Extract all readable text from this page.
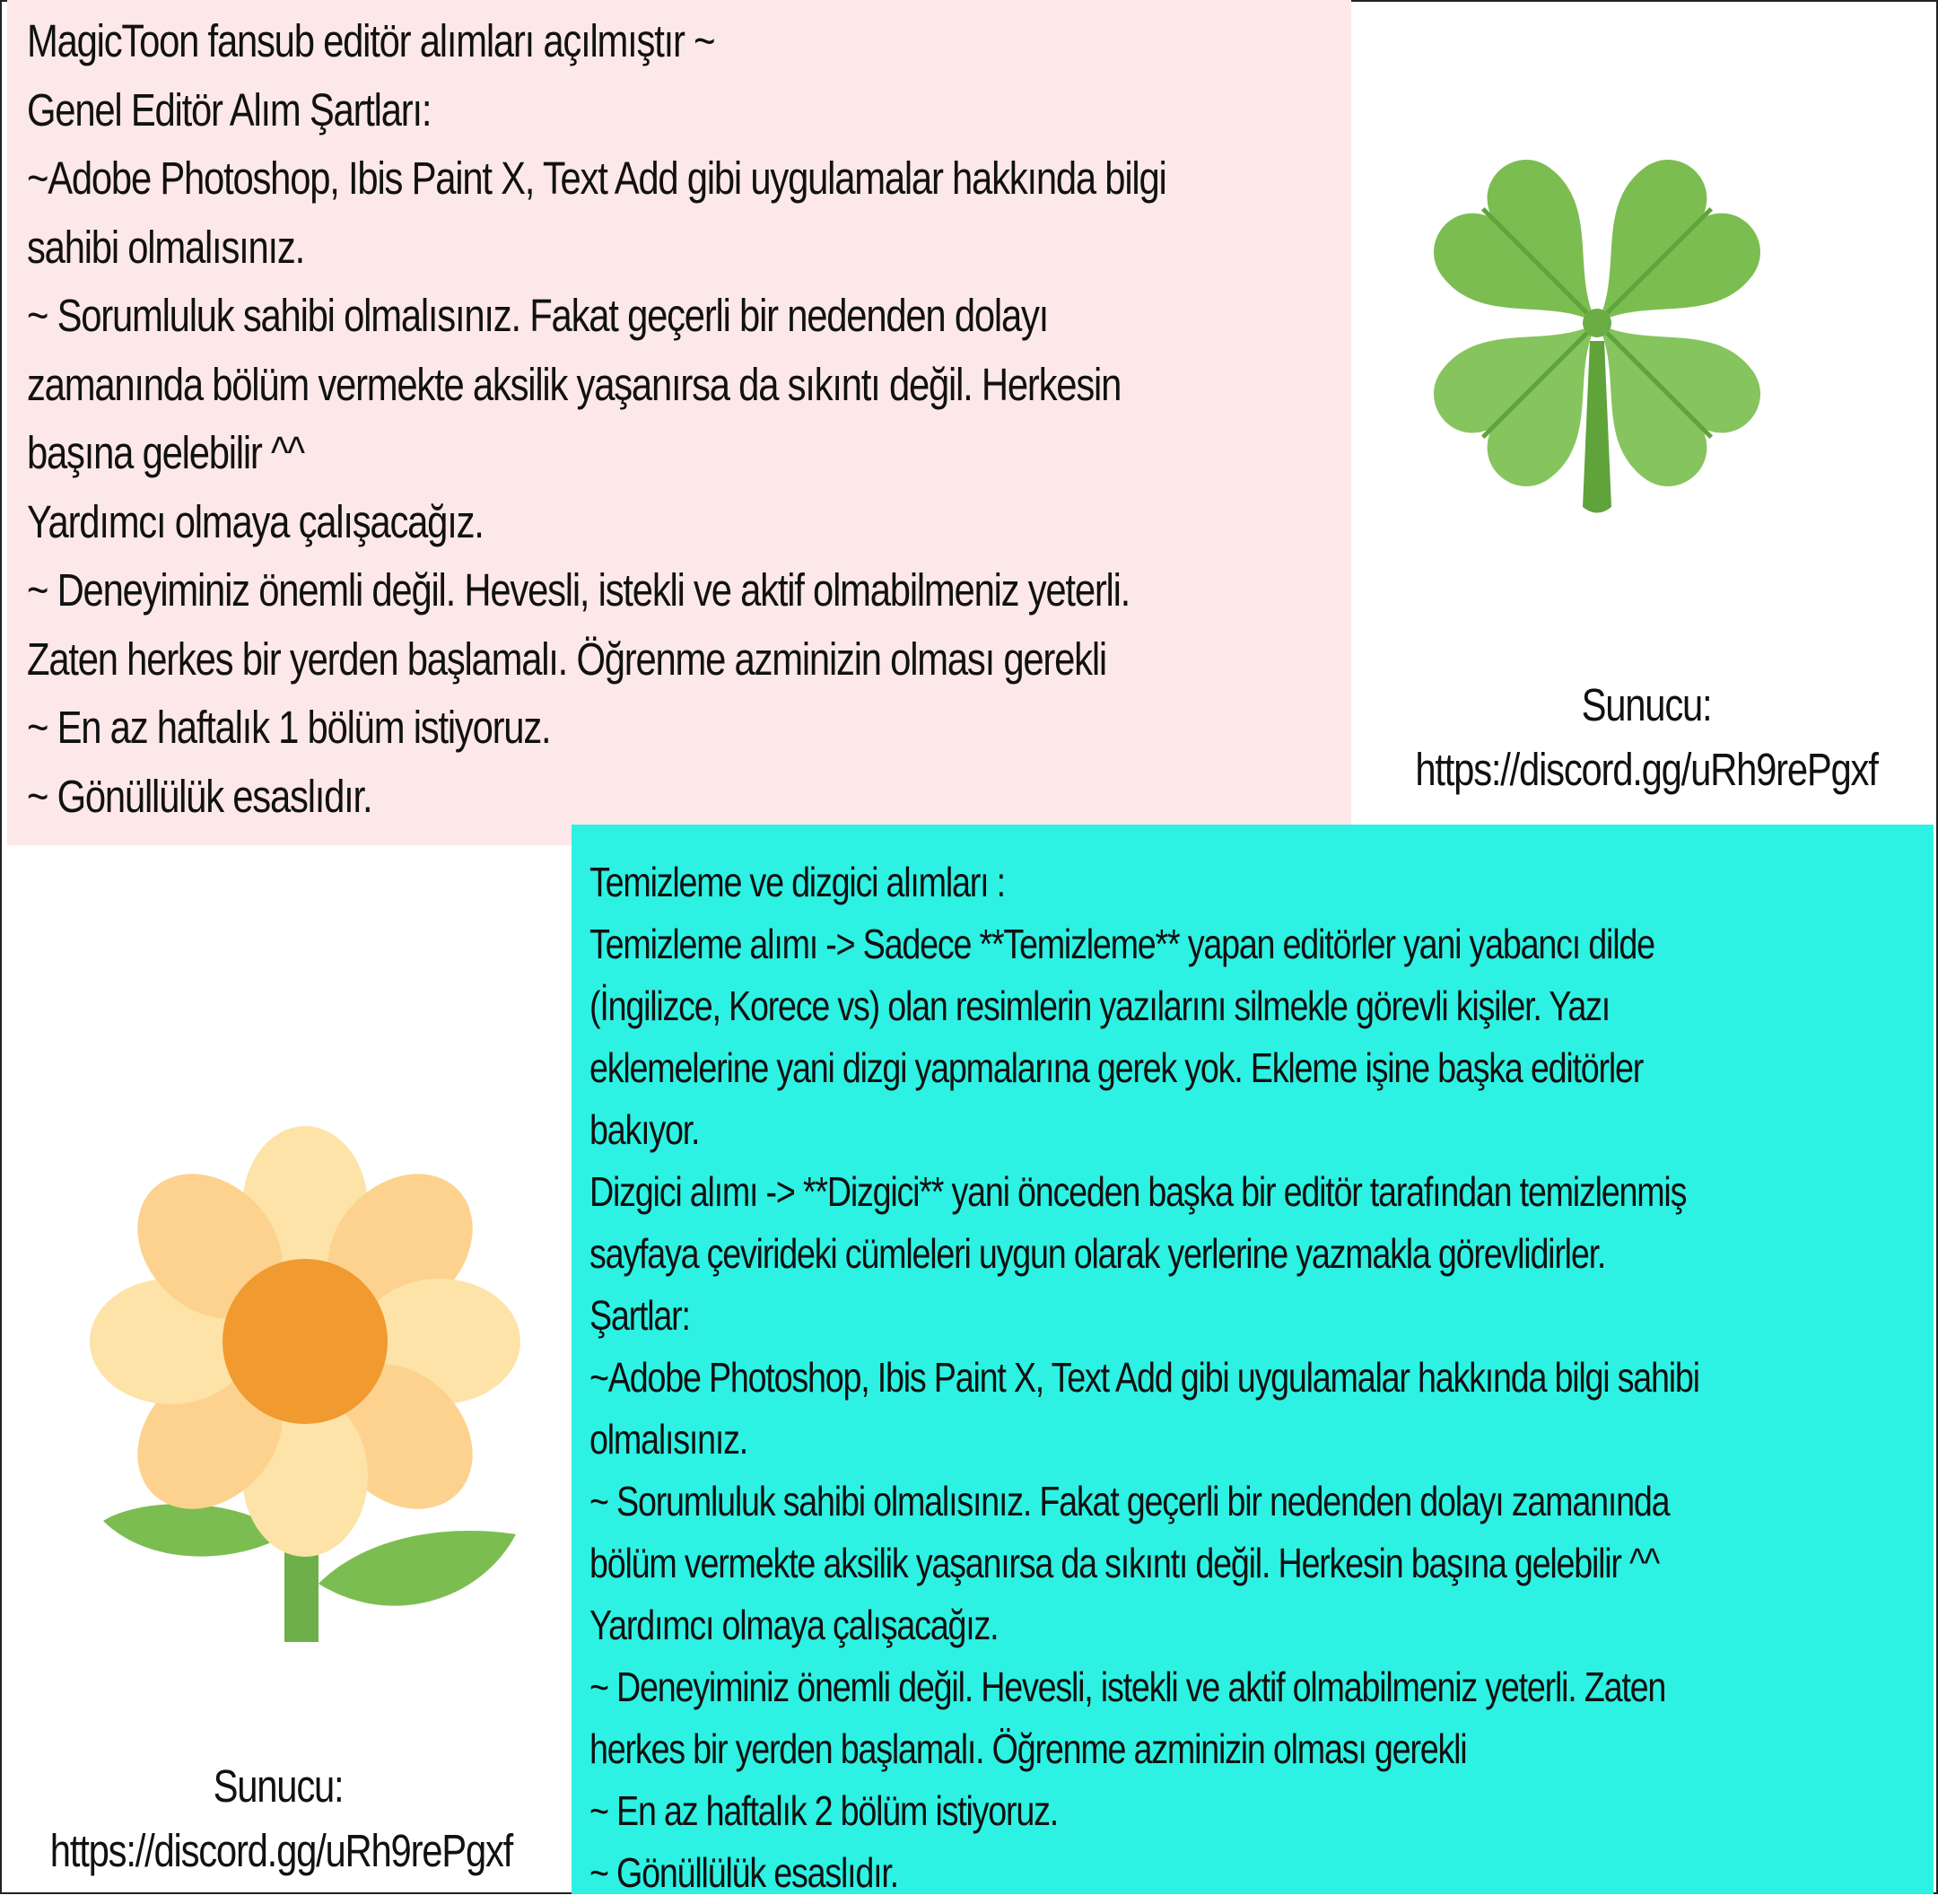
MagicToon fansub editör alımları açılmıştır ~
Genel Editör Alım Şartları:
~Adobe Photoshop, Ibis Paint X, Text Add gibi uygulamalar hakkında bilgi
sahibi olmalısınız.
~ Sorumluluk sahibi olmalısınız. Fakat geçerli bir nedenden dolayı
zamanında bölüm vermekte aksilik yaşanırsa da sıkıntı değil. Herkesin
başına gelebilir ^^
Yardımcı olmaya çalışacağız.
~ Deneyiminiz önemli değil. Hevesli, istekli ve aktif olmabilmeniz yeterli.
Zaten herkes bir yerden başlamalı. Öğrenme azminizin olması gerekli
~ En az haftalık 1 bölüm istiyoruz.
~ Gönüllülük esaslıdır.
Sunucu:
https://discord.gg/uRh9rePgxf
Sunucu:
https://discord.gg/uRh9rePgxf
Temizleme ve dizgici alımları :
Temizleme alımı -> Sadece **Temizleme** yapan editörler yani yabancı dilde
(İngilizce, Korece vs) olan resimlerin yazılarını silmekle görevli kişiler. Yazı
eklemelerine yani dizgi yapmalarına gerek yok. Ekleme işine başka editörler
bakıyor.
Dizgici alımı -> **Dizgici** yani önceden başka bir editör tarafından temizlenmiş
sayfaya çevirideki cümleleri uygun olarak yerlerine yazmakla görevlidirler.
Şartlar:
~Adobe Photoshop, Ibis Paint X, Text Add gibi uygulamalar hakkında bilgi sahibi
olmalısınız.
~ Sorumluluk sahibi olmalısınız. Fakat geçerli bir nedenden dolayı zamanında
bölüm vermekte aksilik yaşanırsa da sıkıntı değil. Herkesin başına gelebilir ^^
Yardımcı olmaya çalışacağız.
~ Deneyiminiz önemli değil. Hevesli, istekli ve aktif olmabilmeniz yeterli. Zaten
herkes bir yerden başlamalı. Öğrenme azminizin olması gerekli
~ En az haftalık 2 bölüm istiyoruz.
~ Gönüllülük esaslıdır.
